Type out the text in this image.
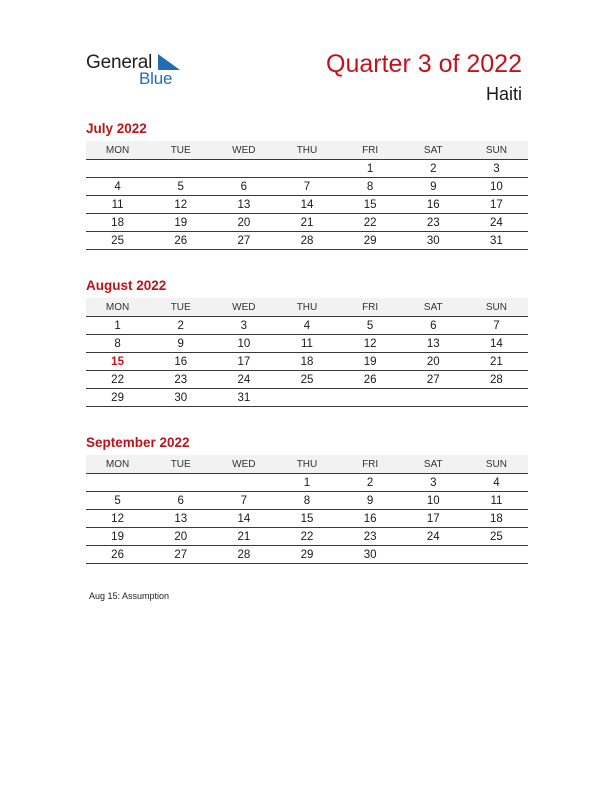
General
Blue
Quarter 3 of 2022
Haiti
July 2022
MON	TUE	WED	THU	FRI	SAT	SUN
				1	2	3
4	5	6	7	8	9	10
11	12	13	14	15	16	17
18	19	20	21	22	23	24
25	26	27	28	29	30	31
August 2022
MON	TUE	WED	THU	FRI	SAT	SUN
1	2	3	4	5	6	7
8	9	10	11	12	13	14
15	16	17	18	19	20	21
22	23	24	25	26	27	28
29	30	31				
September 2022
MON	TUE	WED	THU	FRI	SAT	SUN
			1	2	3	4
5	6	7	8	9	10	11
12	13	14	15	16	17	18
19	20	21	22	23	24	25
26	27	28	29	30		
Aug 15: Assumption
